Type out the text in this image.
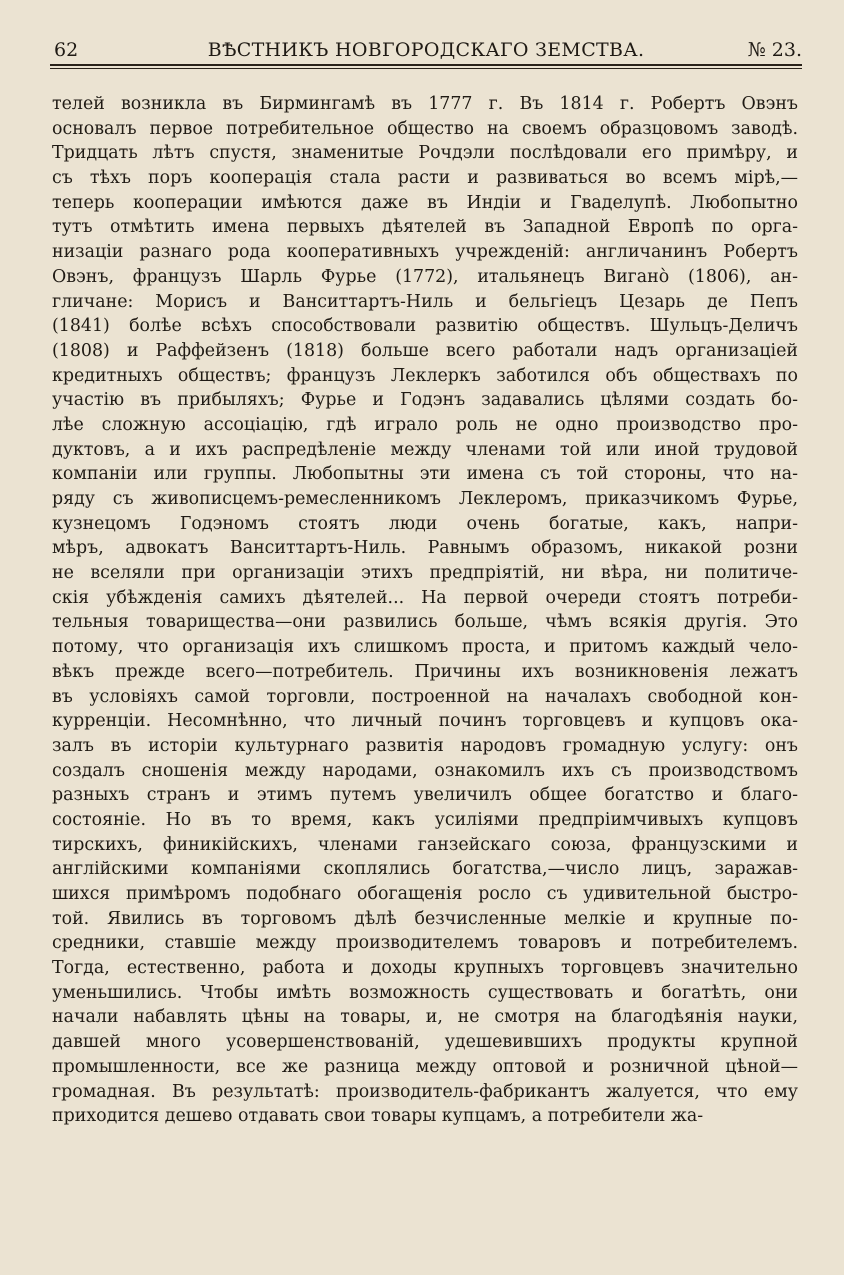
62	ВѢСТНИКЪ НОВГОРОДСКАГО ЗЕМСТВА.	№ 23.
телей возникла въ Бирмингамѣ въ 1777 г. Въ 1814 г. Робертъ Овэнъ
основалъ первое потребительное общество на своемъ образцовомъ заводѣ.
Тридцать лѣтъ спустя, знаменитые Рочдэли послѣдовали его примѣру, и
съ тѣхъ поръ кооперація стала расти и развиваться во всемъ мірѣ,—
теперь кооперации имѣются даже въ Индіи и Гваделупѣ. Любопытно
тутъ отмѣтить имена первыхъ дѣятелей въ Западной Европѣ по орга-
низаціи разнаго рода кооперативныхъ учрежденій: англичанинъ Робертъ
Овэнъ, французъ Шарль Фурье (1772), итальянецъ Виганò (1806), ан-
гличане: Морисъ и Ванситтартъ-Ниль и бельгіецъ Цезарь де Пепъ
(1841) болѣе всѣхъ способствовали развитію обществъ. Шульцъ-Деличъ
(1808) и Раффейзенъ (1818) больше всего работали надъ организаціей
кредитныхъ обществъ; французъ Леклеркъ заботился объ обществахъ по
участію въ прибыляхъ; Фурье и Годэнъ задавались цѣлями создать бо-
лѣе сложную ассоціацію, гдѣ играло роль не одно производство про-
дуктовъ, а и ихъ распредѣленіе между членами той или иной трудовой
компаніи или группы. Любопытны эти имена съ той стороны, что на-
ряду съ живописцемъ-ремесленникомъ Леклеромъ, приказчикомъ Фурье,
кузнецомъ Годэномъ стоятъ люди очень богатые, какъ, напри-
мѣръ, адвокатъ Ванситтартъ-Ниль. Равнымъ образомъ, никакой розни
не вселяли при организаціи этихъ предпріятій, ни вѣра, ни политиче-
скія убѣжденія самихъ дѣятелей... На первой очереди стоятъ потреби-
тельныя товарищества—они развились больше, чѣмъ всякія другія. Это
потому, что организація ихъ слишкомъ проста, и притомъ каждый чело-
вѣкъ прежде всего—потребитель. Причины ихъ возникновенія лежатъ
въ условіяхъ самой торговли, построенной на началахъ свободной кон-
курренціи. Несомнѣнно, что личный починъ торговцевъ и купцовъ ока-
залъ въ исторіи культурнаго развитія народовъ громадную услугу: онъ
создалъ сношенія между народами, ознакомилъ ихъ съ производствомъ
разныхъ странъ и этимъ путемъ увеличилъ общее богатство и благо-
состояніе. Но въ то время, какъ усиліями предпріимчивыхъ купцовъ
тирскихъ, финикійскихъ, членами ганзейскаго союза, французскими и
англійскими компаніями скоплялись богатства,—число лицъ, заражав-
шихся примѣромъ подобнаго обогащенія росло съ удивительной быстро-
той. Явились въ торговомъ дѣлѣ безчисленные мелкіе и крупные по-
средники, ставшіе между производителемъ товаровъ и потребителемъ.
Тогда, естественно, работа и доходы крупныхъ торговцевъ значительно
уменьшились. Чтобы имѣть возможность существовать и богатѣть, они
начали набавлять цѣны на товары, и, не смотря на благодѣянія науки,
давшей много усовершенствованій, удешевившихъ продукты крупной
промышленности, все же разница между оптовой и розничной цѣной—
громадная. Въ результатѣ: производитель-фабрикантъ жалуется, что ему
приходится дешево отдавать свои товары купцамъ, а потребители жа-
